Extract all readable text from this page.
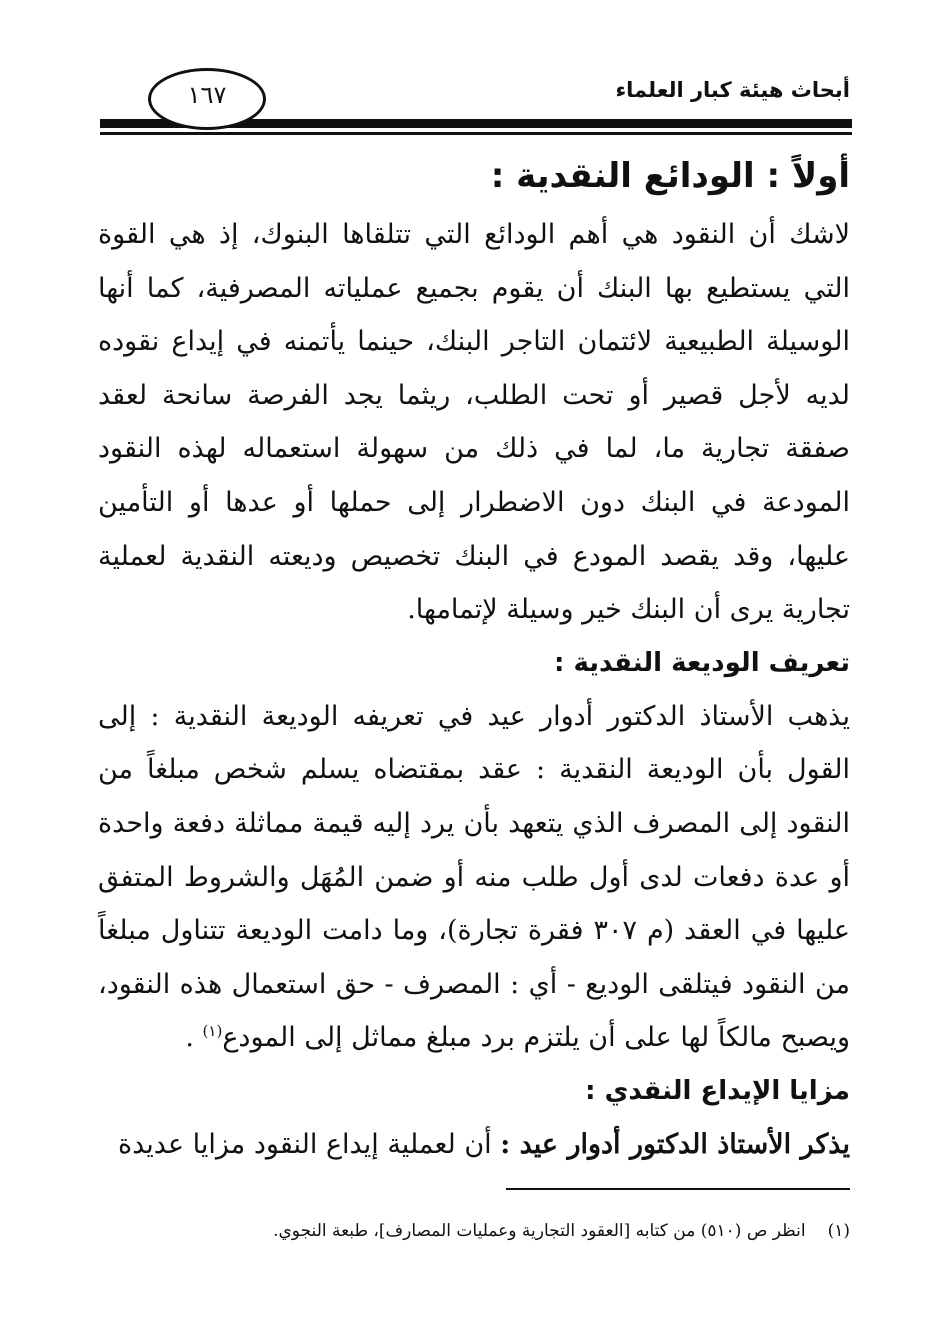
أبحاث هيئة كبار العلماء
١٦٧
أولاً : الودائع النقدية :

لاشك أن النقود هي أهم الودائع التي تتلقاها البنوك، إذ هي القوة التي يستطيع بها البنك أن يقوم بجميع عملياته المصرفية، كما أنها الوسيلة الطبيعية لائتمان التاجر البنك، حينما يأتمنه في إيداع نقوده لديه لأجل قصير أو تحت الطلب، ريثما يجد الفرصة سانحة لعقد صفقة تجارية ما، لما في ذلك من سهولة استعماله لهذه النقود المودعة في البنك دون الاضطرار إلى حملها أو عدها أو التأمين عليها، وقد يقصد المودع في البنك تخصيص وديعته النقدية لعملية تجارية يرى أن البنك خير وسيلة لإتمامها.

تعريف الوديعة النقدية :

يذهب الأستاذ الدكتور أدوار عيد في تعريفه الوديعة النقدية : إلى القول بأن الوديعة النقدية : عقد بمقتضاه يسلم شخص مبلغاً من النقود إلى المصرف الذي يتعهد بأن يرد إليه قيمة مماثلة دفعة واحدة أو عدة دفعات لدى أول طلب منه أو ضمن المُهَل والشروط المتفق عليها في العقد (م ٣٠٧ فقرة تجارة)، وما دامت الوديعة تتناول مبلغاً من النقود فيتلقى الوديع - أي : المصرف - حق استعمال هذه النقود، ويصبح مالكاً لها على أن يلتزم برد مبلغ مماثل إلى المودع$^{(١)}$ .

مزايا الإيداع النقدي :

يذكر الأستاذ الدكتور أدوار عيد : أن لعملية إيداع النقود مزايا عديدة

(١)انظر ص (٥١٠) من كتابه [العقود التجارية وعمليات المصارف]، طبعة النجوي.
